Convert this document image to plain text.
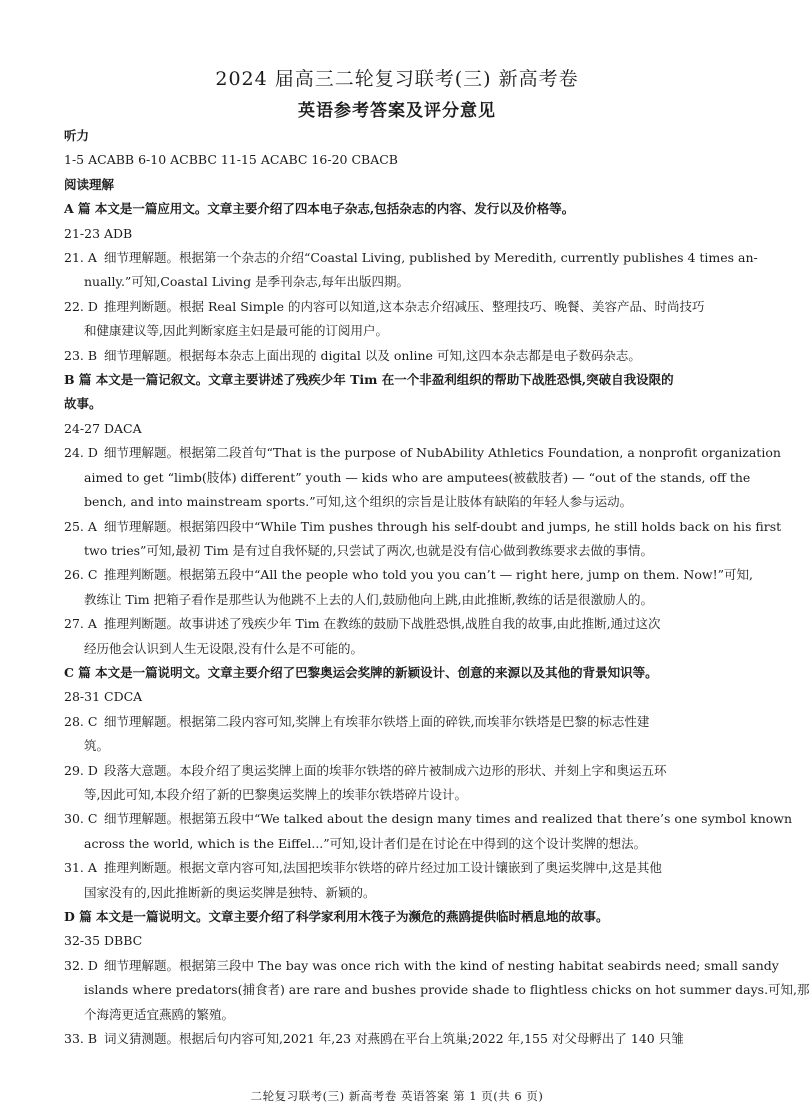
2024 届高三二轮复习联考(三) 新高考卷
英语参考答案及评分意见
听力
1-5 ACABB 6-10 ACBBC 11-15 ACABC 16-20 CBACB
阅读理解
A 篇 本文是一篇应用文。文章主要介绍了四本电子杂志,包括杂志的内容、发行以及价格等。
21-23 ADB
21. A 细节理解题。根据第一个杂志的介绍“Coastal Living, published by Meredith, currently publishes 4 times an-
nually.”可知,Coastal Living 是季刊杂志,每年出版四期。
22. D 推理判断题。根据 Real Simple 的内容可以知道,这本杂志介绍减压、整理技巧、晚餐、美容产品、时尚技巧
和健康建议等,因此判断家庭主妇是最可能的订阅用户。
23. B 细节理解题。根据每本杂志上面出现的 digital 以及 online 可知,这四本杂志都是电子数码杂志。
B 篇 本文是一篇记叙文。文章主要讲述了残疾少年 Tim 在一个非盈利组织的帮助下战胜恐惧,突破自我设限的
故事。
24-27 DACA
24. D 细节理解题。根据第二段首句“That is the purpose of NubAbility Athletics Foundation, a nonprofit organization
aimed to get “limb(肢体) different” youth — kids who are amputees(被截肢者) — “out of the stands, off the
bench, and into mainstream sports.”可知,这个组织的宗旨是让肢体有缺陷的年轻人参与运动。
25. A 细节理解题。根据第四段中“While Tim pushes through his self-doubt and jumps, he still holds back on his first
two tries”可知,最初 Tim 是有过自我怀疑的,只尝试了两次,也就是没有信心做到教练要求去做的事情。
26. C 推理判断题。根据第五段中“All the people who told you you can’t — right here, jump on them. Now!”可知,
教练让 Tim 把箱子看作是那些认为他跳不上去的人们,鼓励他向上跳,由此推断,教练的话是很激励人的。
27. A 推理判断题。故事讲述了残疾少年 Tim 在教练的鼓励下战胜恐惧,战胜自我的故事,由此推断,通过这次
经历他会认识到人生无设限,没有什么是不可能的。
C 篇 本文是一篇说明文。文章主要介绍了巴黎奥运会奖牌的新颖设计、创意的来源以及其他的背景知识等。
28-31 CDCA
28. C 细节理解题。根据第二段内容可知,奖牌上有埃菲尔铁塔上面的碎铁,而埃菲尔铁塔是巴黎的标志性建
筑。
29. D 段落大意题。本段介绍了奥运奖牌上面的埃菲尔铁塔的碎片被制成六边形的形状、并刻上字和奥运五环
等,因此可知,本段介绍了新的巴黎奥运奖牌上的埃菲尔铁塔碎片设计。
30. C 细节理解题。根据第五段中“We talked about the design many times and realized that there’s one symbol known
across the world, which is the Eiffel...”可知,设计者们是在讨论在中得到的这个设计奖牌的想法。
31. A 推理判断题。根据文章内容可知,法国把埃菲尔铁塔的碎片经过加工设计镶嵌到了奥运奖牌中,这是其他
国家没有的,因此推断新的奥运奖牌是独特、新颖的。
D 篇 本文是一篇说明文。文章主要介绍了科学家利用木筏子为濒危的燕鸥提供临时栖息地的故事。
32-35 DBBC
32. D 细节理解题。根据第三段中 The bay was once rich with the kind of nesting habitat seabirds need; small sandy
islands where predators(捕食者) are rare and bushes provide shade to flightless chicks on hot summer days.可知,那
个海湾更适宜燕鸥的繁殖。
33. B 词义猜测题。根据后句内容可知,2021 年,23 对燕鸥在平台上筑巢;2022 年,155 对父母孵出了 140 只雏
二轮复习联考(三) 新高考卷 英语答案 第 1 页(共 6 页)
